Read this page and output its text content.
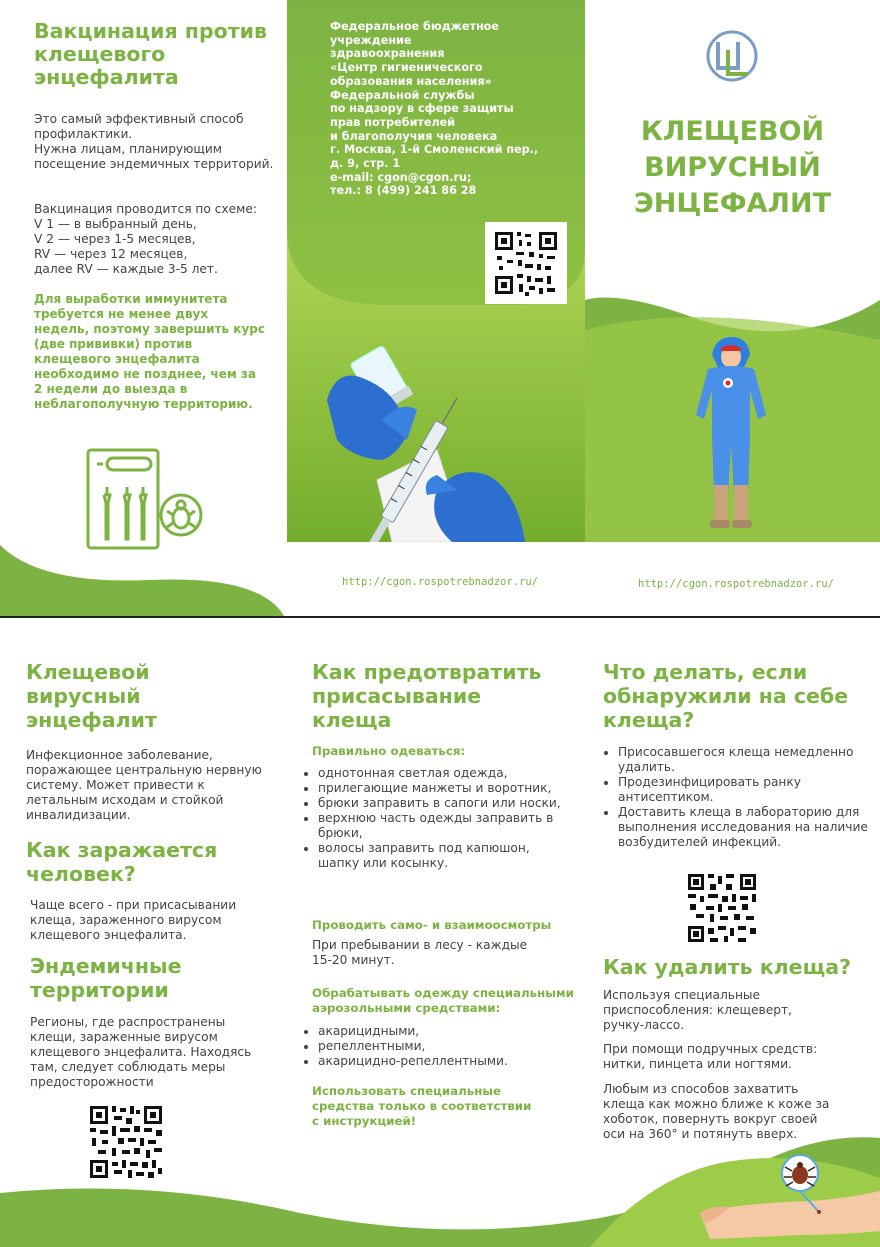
Вакцинация против клещевого энцефалита
Это самый эффективный способ профилактики.
Нужна лицам, планирующим посещение эндемичных территорий.
Вакцинация проводится по схеме:
V 1 — в выбранный день,
V 2 — через 1-5 месяцев,
RV — через 12 месяцев,
далее RV — каждые 3-5 лет.
Для выработки иммунитета требуется не менее двух недель, поэтому завершить курс (две прививки) против клещевого энцефалита необходимо не позднее, чем за 2 недели до выезда в неблагополучную территорию.
Федеральное бюджетное
учреждение
здравоохранения
«Центр гигиенического
образования населения»
Федеральной службы
по надзору в сфере защиты
прав потребителей
и благополучия человека
г. Москва, 1-й Смоленский пер.,
д. 9, стр. 1
e-mail: cgon@cgon.ru;
тел.: 8 (499) 241 86 28
КЛЕЩЕВОЙ
ВИРУСНЫЙ
ЭНЦЕФАЛИТ
http://cgon.rospotrebnadzor.ru/	http://cgon.rospotrebnadzor.ru/
Клещевой вирусный энцефалит
Инфекционное заболевание, поражающее центральную нервную систему. Может привести к летальным исходам и стойкой инвалидизации.
Как заражается человек?
Чаще всего - при присасывании клеща, зараженного вирусом клещевого энцефалита.
Эндемичные территории
Регионы, где распространены клещи, зараженные вирусом клещевого энцефалита. Находясь там, следует соблюдать меры предосторожности
Как предотвратить присасывание клеща
Правильно одеваться:
• однотонная светлая одежда,
• прилегающие манжеты и воротник,
• брюки заправить в сапоги или носки,
• верхнюю часть одежды заправить в брюки,
• волосы заправить под капюшон, шапку или косынку.
Проводить само- и взаимоосмотры
При пребывании в лесу - каждые 15-20 минут.
Обрабатывать одежду специальными аэрозольными средствами:
• акарицидными,
• репеллентными,
• акарицидно-репеллентными.
Использовать специальные средства только в соответствии с инструкцией!
Что делать, если обнаружили на себе клеща?
• Присосавшегося клеща немедленно удалить.
• Продезинфицировать ранку антисептиком.
• Доставить клеща в лабораторию для выполнения исследования на наличие возбудителей инфекций.
Как удалить клеща?
Используя специальные приспособления: клещеверт, ручку-лассо.
При помощи подручных средств: нитки, пинцета или ногтями.
Любым из способов захватить клеща как можно ближе к коже за хоботок, повернуть вокруг своей оси на 360° и потянуть вверх.
